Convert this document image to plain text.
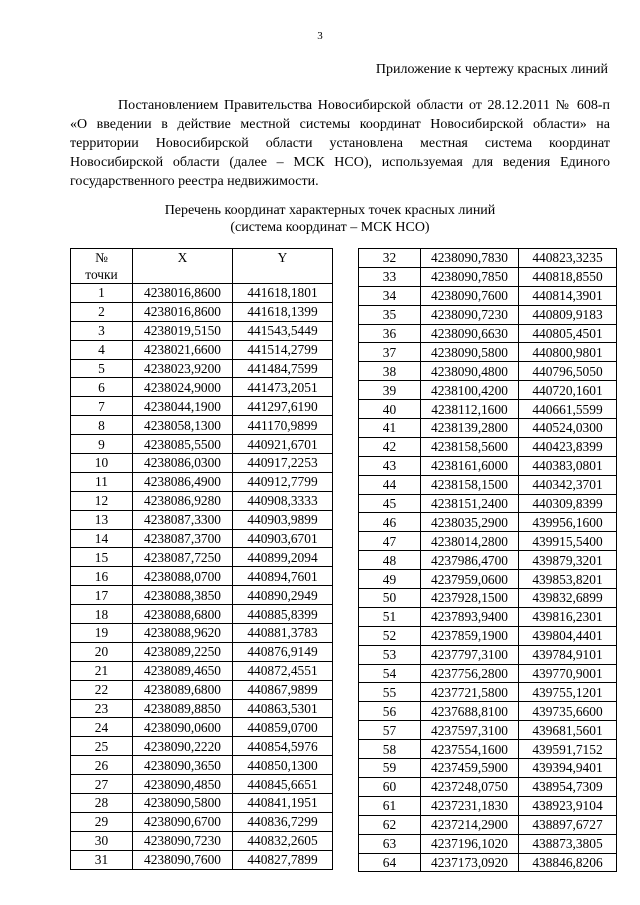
3
Приложение к чертежу красных линий
Постановлением Правительства Новосибирской области от 28.12.2011 № 608-п «О введении в действие местной системы координат Новосибирской области» на территории Новосибирской области установлена местная система координат Новосибирской области (далее – МСК НСО), используемая для ведения Единого государственного реестра недвижимости.
Перечень координат характерных точек красных линий
(система координат – МСК НСО)
№
точки	X	Y
1	4238016,8600	441618,1801
2	4238016,8600	441618,1399
3	4238019,5150	441543,5449
4	4238021,6600	441514,2799
5	4238023,9200	441484,7599
6	4238024,9000	441473,2051
7	4238044,1900	441297,6190
8	4238058,1300	441170,9899
9	4238085,5500	440921,6701
10	4238086,0300	440917,2253
11	4238086,4900	440912,7799
12	4238086,9280	440908,3333
13	4238087,3300	440903,9899
14	4238087,3700	440903,6701
15	4238087,7250	440899,2094
16	4238088,0700	440894,7601
17	4238088,3850	440890,2949
18	4238088,6800	440885,8399
19	4238088,9620	440881,3783
20	4238089,2250	440876,9149
21	4238089,4650	440872,4551
22	4238089,6800	440867,9899
23	4238089,8850	440863,5301
24	4238090,0600	440859,0700
25	4238090,2220	440854,5976
26	4238090,3650	440850,1300
27	4238090,4850	440845,6651
28	4238090,5800	440841,1951
29	4238090,6700	440836,7299
30	4238090,7230	440832,2605
31	4238090,7600	440827,7899
32	4238090,7830	440823,3235
33	4238090,7850	440818,8550
34	4238090,7600	440814,3901
35	4238090,7230	440809,9183
36	4238090,6630	440805,4501
37	4238090,5800	440800,9801
38	4238090,4800	440796,5050
39	4238100,4200	440720,1601
40	4238112,1600	440661,5599
41	4238139,2800	440524,0300
42	4238158,5600	440423,8399
43	4238161,6000	440383,0801
44	4238158,1500	440342,3701
45	4238151,2400	440309,8399
46	4238035,2900	439956,1600
47	4238014,2800	439915,5400
48	4237986,4700	439879,3201
49	4237959,0600	439853,8201
50	4237928,1500	439832,6899
51	4237893,9400	439816,2301
52	4237859,1900	439804,4401
53	4237797,3100	439784,9101
54	4237756,2800	439770,9001
55	4237721,5800	439755,1201
56	4237688,8100	439735,6600
57	4237597,3100	439681,5601
58	4237554,1600	439591,7152
59	4237459,5900	439394,9401
60	4237248,0750	438954,7309
61	4237231,1830	438923,9104
62	4237214,2900	438897,6727
63	4237196,1020	438873,3805
64	4237173,0920	438846,8206
